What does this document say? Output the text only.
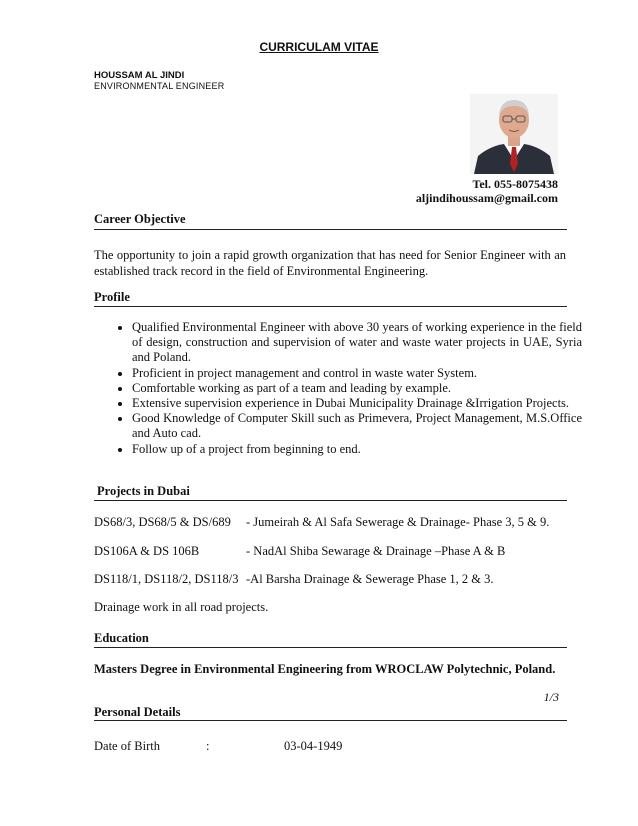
CURRICULAM VITAE
HOUSSAM AL JINDI
ENVIRONMENTAL ENGINEER
Tel. 055-8075438
aljindihoussam@gmail.com
Career Objective
The opportunity to join a rapid growth organization that has need for Senior Engineer with an established track record in the field of Environmental Engineering.
Profile
• Qualified Environmental Engineer with above 30 years of working experience in the field of design, construction and supervision of water and waste water projects in UAE, Syria and Poland.
• Proficient in project management and control in waste water System.
• Comfortable working as part of a team and leading by example.
• Extensive supervision experience in Dubai Municipality Drainage &Irrigation Projects.
• Good Knowledge of Computer Skill such as Primevera, Project Management, M.S.Office and Auto cad.
• Follow up of a project from beginning to end.
Projects in Dubai
DS68/3, DS68/5 & DS/689 - Jumeirah & Al Safa Sewerage & Drainage- Phase 3, 5 & 9.
DS106A & DS 106B	- NadAl Shiba Sewarage & Drainage –Phase A & B
DS118/1, DS118/2, DS118/3 -Al Barsha Drainage & Sewerage Phase 1, 2 & 3.
Drainage work in all road projects.
Education
Masters Degree in Environmental Engineering from WROCLAW Polytechnic, Poland.
1/3
Personal Details
Date of Birth	:	03-04-1949
